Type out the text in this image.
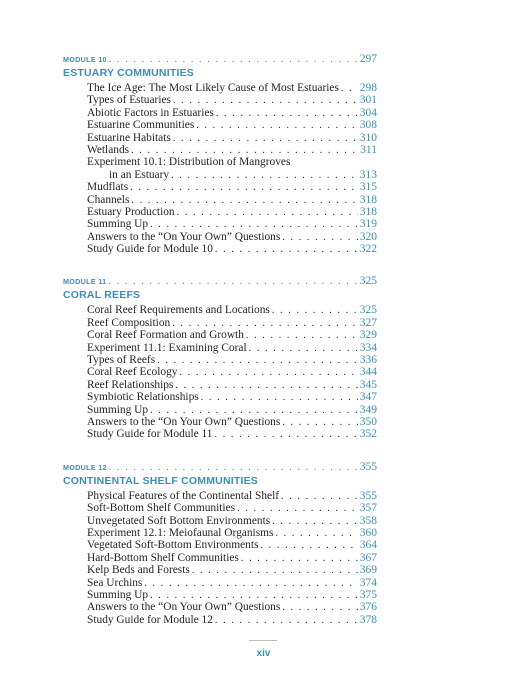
MODULE 10 . . .	297
ESTUARY COMMUNITIES
The Ice Age: The Most Likely Cause of Most Estuaries . . . 298
Types of Estuaries . . .	301
Abiotic Factors in Estuaries . . .	304
Estuarine Communities . . .	308
Estuarine Habitats . . .	310
Wetlands . . .	311
Experiment 10.1: Distribution of Mangroves
in an Estuary . . .	313
Mudflats . . .	315
Channels . . .	318
Estuary Production . . .	318
Summing Up . . .	319
Answers to the “On Your Own” Questions . . .	320
Study Guide for Module 10 . . .	322
MODULE 11 . . .	325
CORAL REEFS
Coral Reef Requirements and Locations . . .	325
Reef Composition . . .	327
Coral Reef Formation and Growth . . .	329
Experiment 11.1: Examining Coral . . .	334
Types of Reefs . . .	336
Coral Reef Ecology . . .	344
Reef Relationships . . .	345
Symbiotic Relationships . . .	347
Summing Up . . .	349
Answers to the “On Your Own” Questions . . .	350
Study Guide for Module 11 . . .	352
MODULE 12 . . .	355
CONTINENTAL SHELF COMMUNITIES
Physical Features of the Continental Shelf . . .	355
Soft-Bottom Shelf Communities . . .	357
Unvegetated Soft Bottom Environments . . .	358
Experiment 12.1: Meiofaunal Organisms . . .	360
Vegetated Soft-Bottom Environments . . .	364
Hard-Bottom Shelf Communities . . .	367
Kelp Beds and Forests . . .	369
Sea Urchins . . .	374
Summing Up . . .	375
Answers to the “On Your Own” Questions . . .	376
Study Guide for Module 12 . . .	378
xiv
